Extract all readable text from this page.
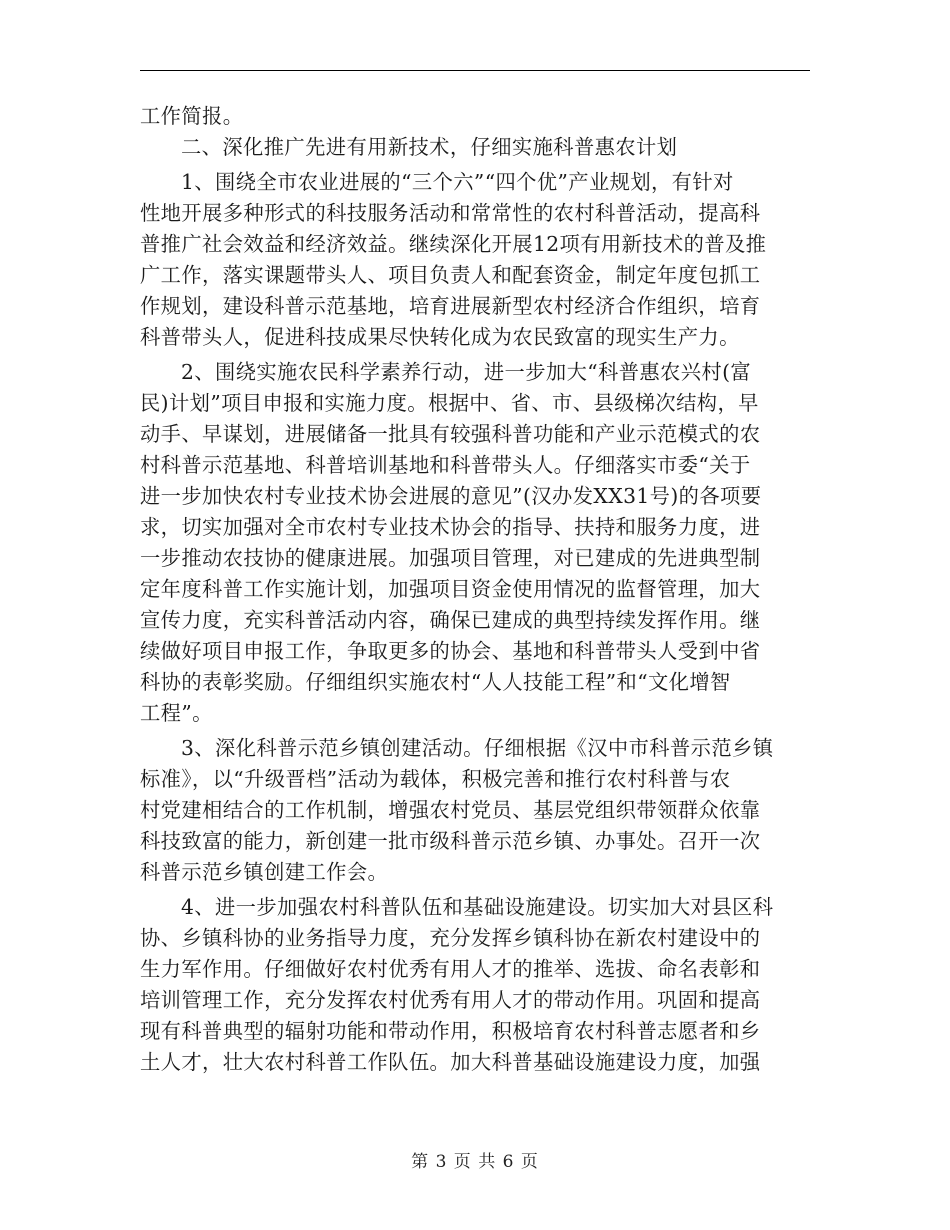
工作简报。
二、深化推广先进有用新技术，仔细实施科普惠农计划
1、围绕全市农业进展的“三个六”“四个优”产业规划，有针对
性地开展多种形式的科技服务活动和常常性的农村科普活动，提高科
普推广社会效益和经济效益。继续深化开展12项有用新技术的普及推
广工作，落实课题带头人、项目负责人和配套资金，制定年度包抓工
作规划，建设科普示范基地，培育进展新型农村经济合作组织，培育
科普带头人，促进科技成果尽快转化成为农民致富的现实生产力。
2、围绕实施农民科学素养行动，进一步加大“科普惠农兴村(富
民)计划”项目申报和实施力度。根据中、省、市、县级梯次结构，早
动手、早谋划，进展储备一批具有较强科普功能和产业示范模式的农
村科普示范基地、科普培训基地和科普带头人。仔细落实市委“关于
进一步加快农村专业技术协会进展的意见”(汉办发XX31号)的各项要
求，切实加强对全市农村专业技术协会的指导、扶持和服务力度，进
一步推动农技协的健康进展。加强项目管理，对已建成的先进典型制
定年度科普工作实施计划，加强项目资金使用情况的监督管理，加大
宣传力度，充实科普活动内容，确保已建成的典型持续发挥作用。继
续做好项目申报工作，争取更多的协会、基地和科普带头人受到中省
科协的表彰奖励。仔细组织实施农村“人人技能工程”和“文化增智
工程”。
3、深化科普示范乡镇创建活动。仔细根据《汉中市科普示范乡镇
标准》，以“升级晋档”活动为载体，积极完善和推行农村科普与农
村党建相结合的工作机制，增强农村党员、基层党组织带领群众依靠
科技致富的能力，新创建一批市级科普示范乡镇、办事处。召开一次
科普示范乡镇创建工作会。
4、进一步加强农村科普队伍和基础设施建设。切实加大对县区科
协、乡镇科协的业务指导力度，充分发挥乡镇科协在新农村建设中的
生力军作用。仔细做好农村优秀有用人才的推举、选拔、命名表彰和
培训管理工作，充分发挥农村优秀有用人才的带动作用。巩固和提高
现有科普典型的辐射功能和带动作用，积极培育农村科普志愿者和乡
土人才，壮大农村科普工作队伍。加大科普基础设施建设力度，加强
第 3 页 共 6 页
